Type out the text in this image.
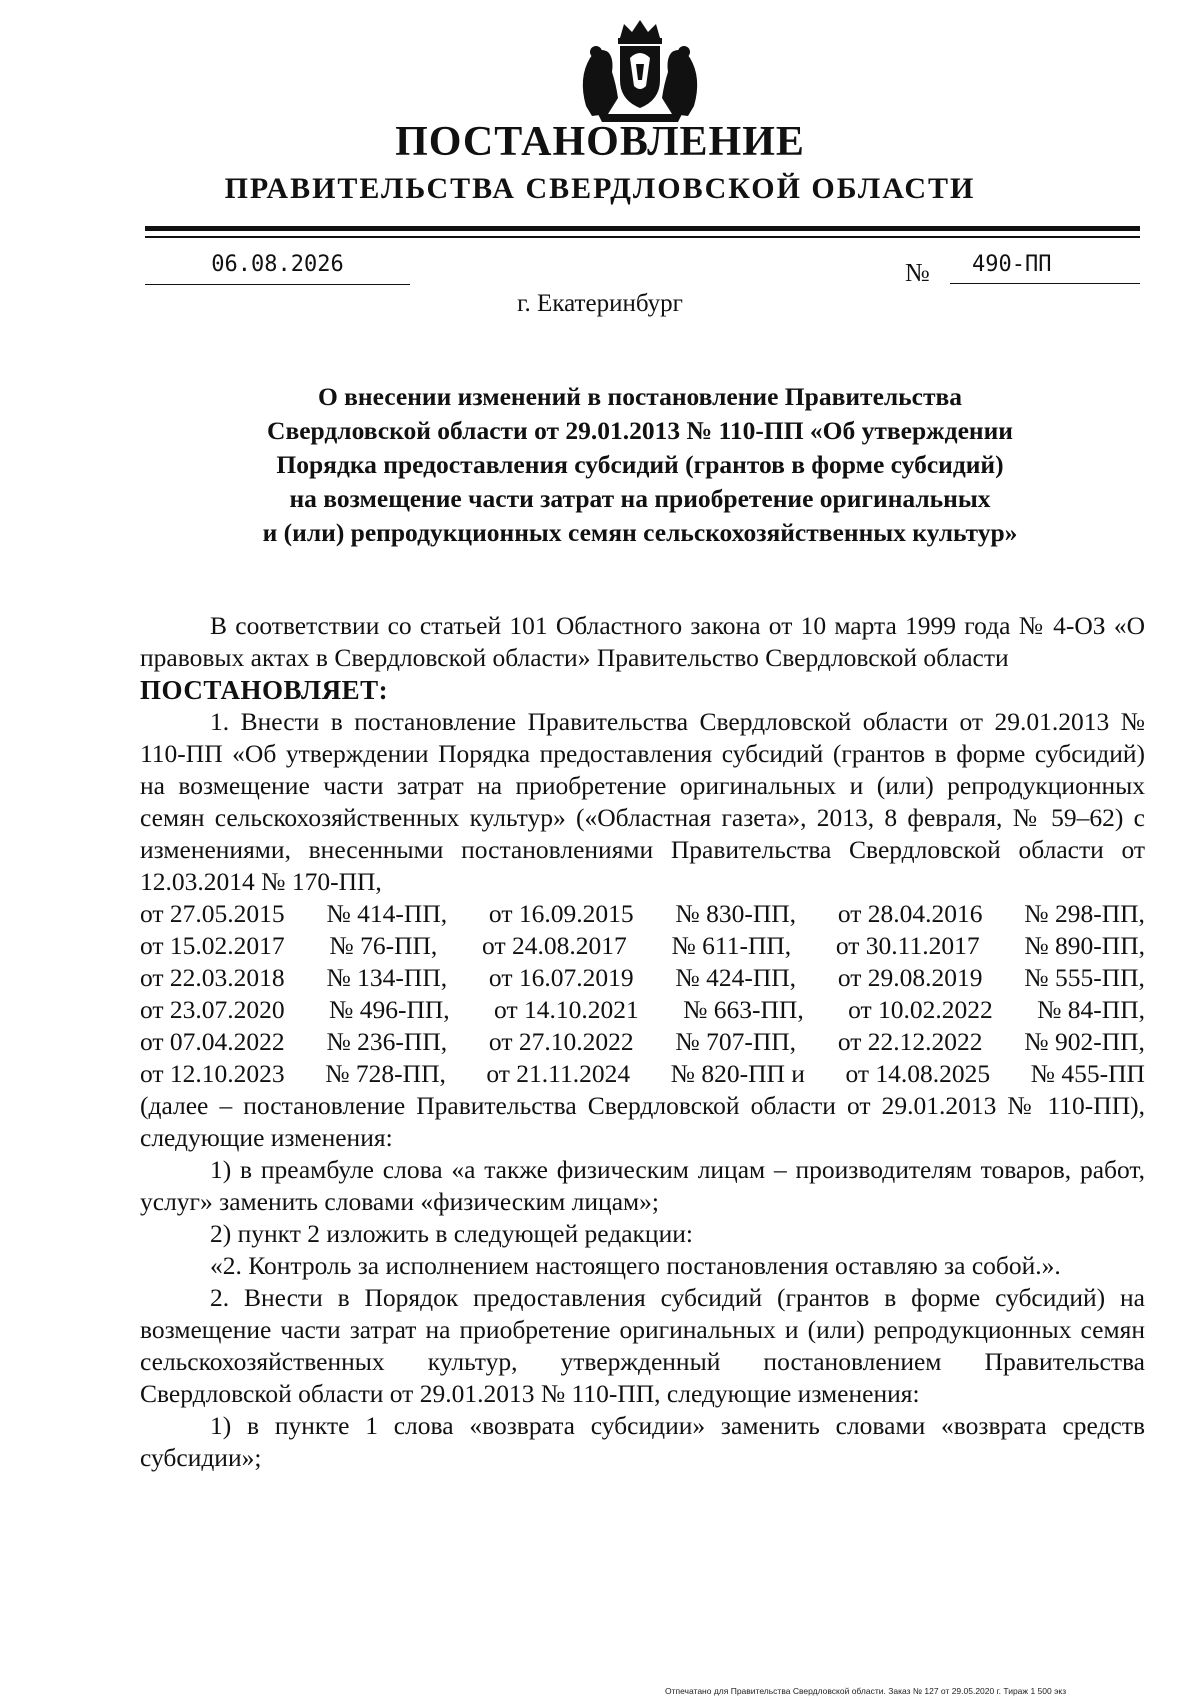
ПОСТАНОВЛЕНИЕ
ПРАВИТЕЛЬСТВА СВЕРДЛОВСКОЙ ОБЛАСТИ
06.08.2026	№	490-ПП
г. Екатеринбург
О внесении изменений в постановление Правительства
Свердловской области от 29.01.2013 № 110-ПП «Об утверждении
Порядка предоставления субсидий (грантов в форме субсидий)
на возмещение части затрат на приобретение оригинальных
и (или) репродукционных семян сельскохозяйственных культур»

В соответствии со статьей 101 Областного закона от 10 марта 1999 года № 4-ОЗ «О правовых актах в Свердловской области» Правительство Свердловской области

ПОСТАНОВЛЯЕТ:

1. Внести в постановление Правительства Свердловской области от 29.01.2013 № 110-ПП «Об утверждении Порядка предоставления субсидий (грантов в форме субсидий) на возмещение части затрат на приобретение оригинальных и (или) репродукционных семян сельскохозяйственных культур» («Областная газета», 2013, 8 февраля, № 59–62) с изменениями, внесенными постановлениями Правительства Свердловской области от 12.03.2014 № 170-ПП,

от 27.05.2015 № 414-ПП, от 16.09.2015 № 830-ПП, от 28.04.2016 № 298-ПП,
от 15.02.2017 № 76-ПП, от 24.08.2017 № 611-ПП, от 30.11.2017 № 890-ПП,
от 22.03.2018 № 134-ПП, от 16.07.2019 № 424-ПП, от 29.08.2019 № 555-ПП,
от 23.07.2020 № 496-ПП, от 14.10.2021 № 663-ПП, от 10.02.2022 № 84-ПП,
от 07.04.2022 № 236-ПП, от 27.10.2022 № 707-ПП, от 22.12.2022 № 902-ПП,
от 12.10.2023 № 728-ПП, от 21.11.2024 № 820-ПП и от 14.08.2025 № 455-ПП

(далее – постановление Правительства Свердловской области от 29.01.2013 № 110-ПП), следующие изменения:

1) в преамбуле слова «а также физическим лицам – производителям товаров, работ, услуг» заменить словами «физическим лицам»;

2) пункт 2 изложить в следующей редакции:

«2. Контроль за исполнением настоящего постановления оставляю за собой.».

2. Внести в Порядок предоставления субсидий (грантов в форме субсидий) на возмещение части затрат на приобретение оригинальных и (или) репродукционных семян сельскохозяйственных культур, утвержденный постановлением Правительства Свердловской области от 29.01.2013 № 110-ПП, следующие изменения:

1) в пункте 1 слова «возврата субсидии» заменить словами «возврата средств субсидии»;

Отпечатано для Правительства Свердловской области. Заказ № 127 от 29.05.2020 г. Тираж 1 500 экз
